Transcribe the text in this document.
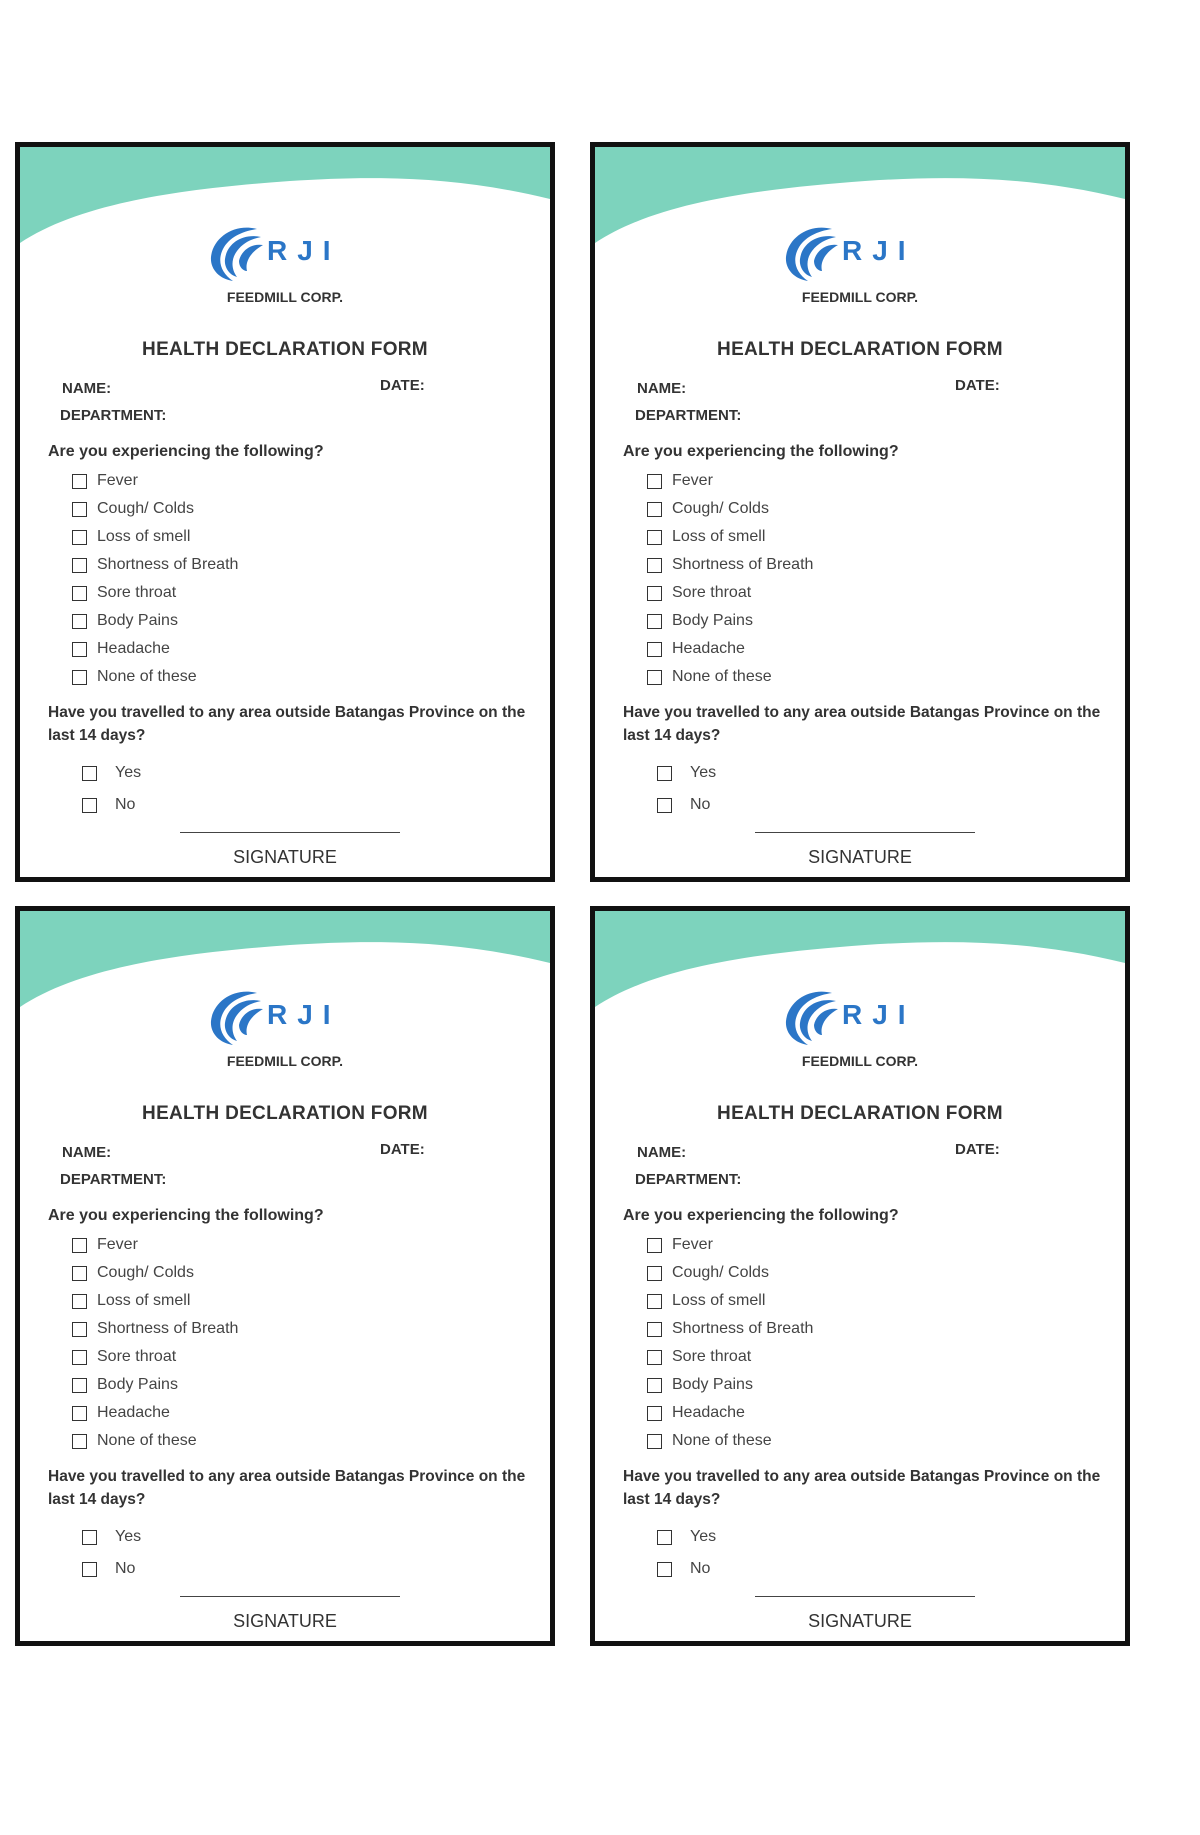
RJI
FEEDMILL CORP.
HEALTH DECLARATION FORM
NAME:	DATE:
DEPARTMENT:
Are you experiencing the following?
Fever
Cough/ Colds
Loss of smell
Shortness of Breath
Sore throat
Body Pains
Headache
None of these
Have you travelled to any area outside Batangas Province on the last 14 days?
Yes
No
SIGNATURE
RJI
FEEDMILL CORP.
HEALTH DECLARATION FORM
NAME:	DATE:
DEPARTMENT:
Are you experiencing the following?
Fever
Cough/ Colds
Loss of smell
Shortness of Breath
Sore throat
Body Pains
Headache
None of these
Have you travelled to any area outside Batangas Province on the last 14 days?
Yes
No
SIGNATURE
RJI
FEEDMILL CORP.
HEALTH DECLARATION FORM
NAME:	DATE:
DEPARTMENT:
Are you experiencing the following?
Fever
Cough/ Colds
Loss of smell
Shortness of Breath
Sore throat
Body Pains
Headache
None of these
Have you travelled to any area outside Batangas Province on the last 14 days?
Yes
No
SIGNATURE
RJI
FEEDMILL CORP.
HEALTH DECLARATION FORM
NAME:	DATE:
DEPARTMENT:
Are you experiencing the following?
Fever
Cough/ Colds
Loss of smell
Shortness of Breath
Sore throat
Body Pains
Headache
None of these
Have you travelled to any area outside Batangas Province on the last 14 days?
Yes
No
SIGNATURE
